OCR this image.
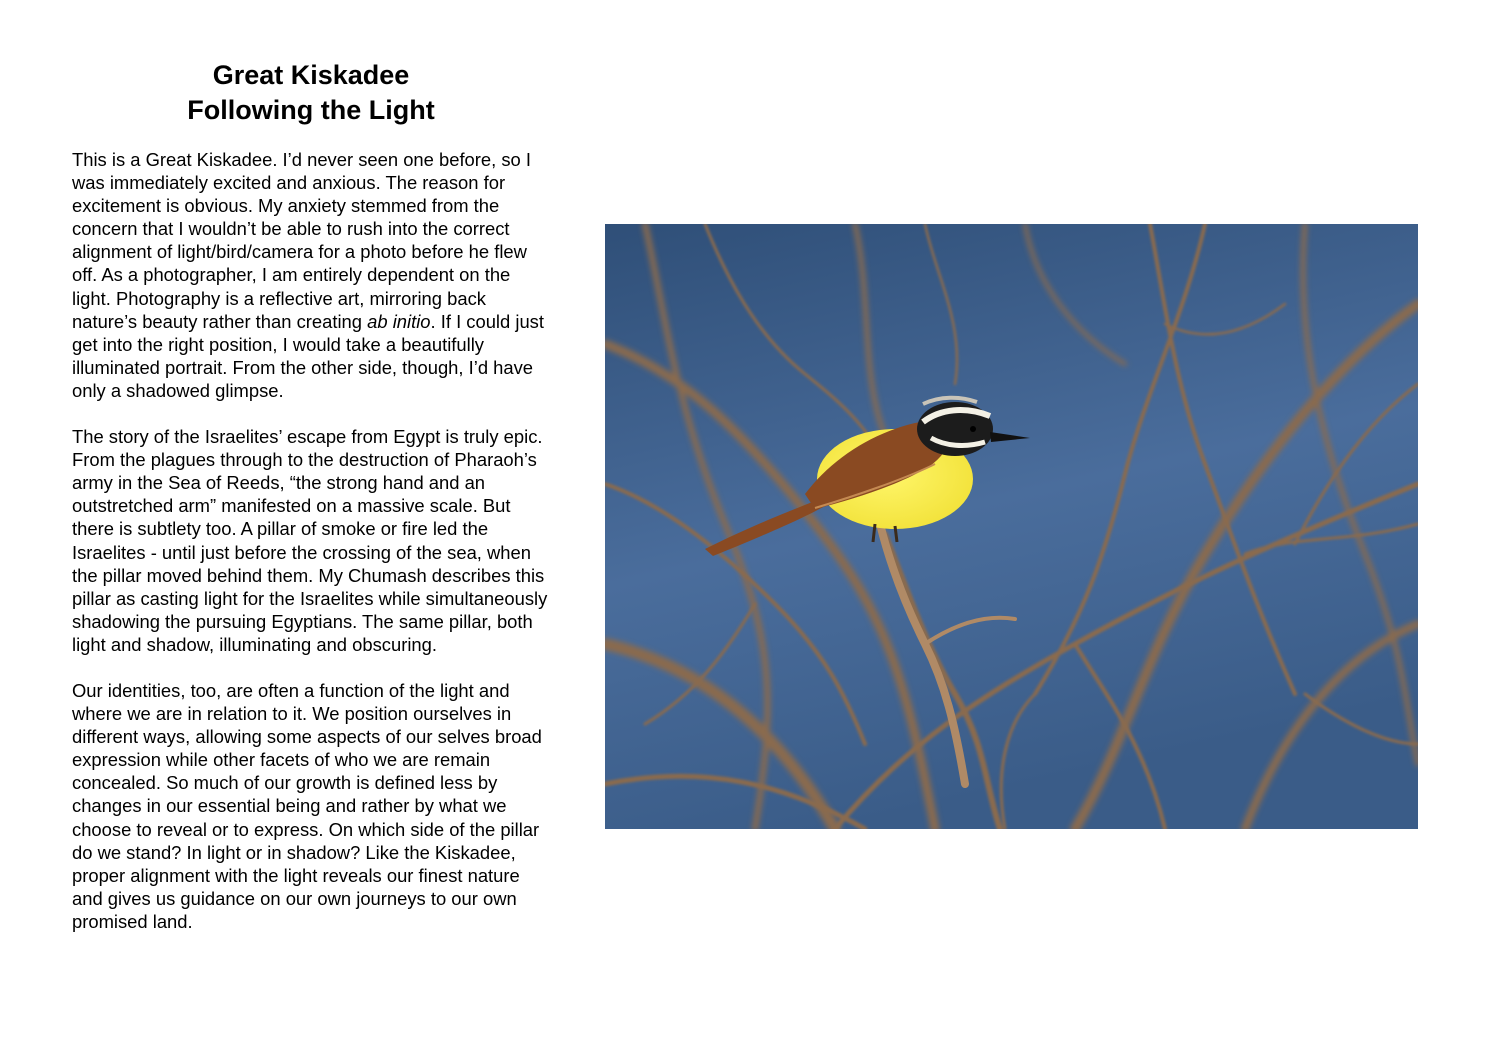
Great Kiskadee
Following the Light

This is a Great Kiskadee. I’d never seen one before, so I was immediately excited and anxious. The reason for excitement is obvious. My anxiety stemmed from the concern that I wouldn’t be able to rush into the correct alignment of light/bird/camera for a photo before he flew off. As a photographer, I am entirely dependent on the light. Photography is a reflective art, mirroring back nature’s beauty rather than creating ab initio. If I could just get into the right position, I would take a beautifully illuminated portrait. From the other side, though, I’d have only a shadowed glimpse.

The story of the Israelites’ escape from Egypt is truly epic. From the plagues through to the destruction of Pharaoh’s army in the Sea of Reeds, “the strong hand and an outstretched arm” manifested on a massive scale. But there is subtlety too. A pillar of smoke or fire led the Israelites - until just before the crossing of the sea, when the pillar moved behind them. My Chumash describes this pillar as casting light for the Israelites while simultaneously shadowing the pursuing Egyptians. The same pillar, both light and shadow, illuminating and obscuring.

Our identities, too, are often a function of the light and where we are in relation to it. We position ourselves in different ways, allowing some aspects of our selves broad expression while other facets of who we are remain concealed. So much of our growth is defined less by changes in our essential being and rather by what we choose to reveal or to express. On which side of the pillar do we stand? In light or in shadow? Like the Kiskadee, proper alignment with the light reveals our finest nature and gives us guidance on our own journeys to our own promised land.
